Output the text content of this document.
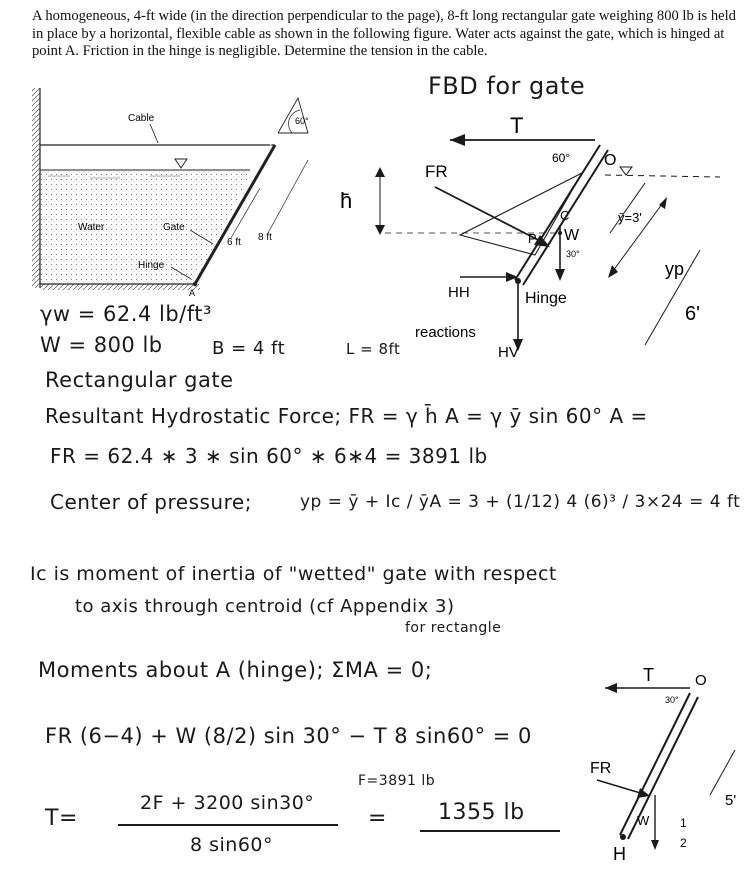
A homogeneous, 4-ft wide (in the direction perpendicular to the page), 8-ft long rectangular gate weighing 800 lb is held in place by a horizontal, flexible cable as shown in the following figure. Water acts against the gate, which is hinged at point A. Friction in the hinge is negligible. Determine the tension in the cable.
Cable
A
Hinge
Gate
Water
60°
6 ft 8 ft
FBD for gate
T
60° O
FR
h̄
C
P W
30°
ȳ=3'
yp
6'
HH	Hinge
reactions
HV
γw = 62.4 lb/ft³
W = 800 lb	B = 4 ft	L = 8ft
Rectangular gate
Resultant Hydrostatic Force; FR = γ h̄ A = γ ȳ sin 60° A =
FR = 62.4 ∗ 3 ∗ sin 60° ∗ 6∗4 = 3891 lb
Center of pressure;	yp = ȳ + Ic / ȳA = 3 + (1/12) 4 (6)³ / 3×24 = 4 ft
Ic is moment of inertia of "wetted" gate with respect
to axis through centroid (cf Appendix 3)
for rectangle
Moments about A (hinge); ΣMA = 0;
FR (6−4) + W (8/2) sin 30° − T 8 sin60° = 0
F=3891 lb
T=
2F + 3200 sin30°
8 sin60°
= 1355 lb
T	O
30°
FR
W
H
5'
1
2
